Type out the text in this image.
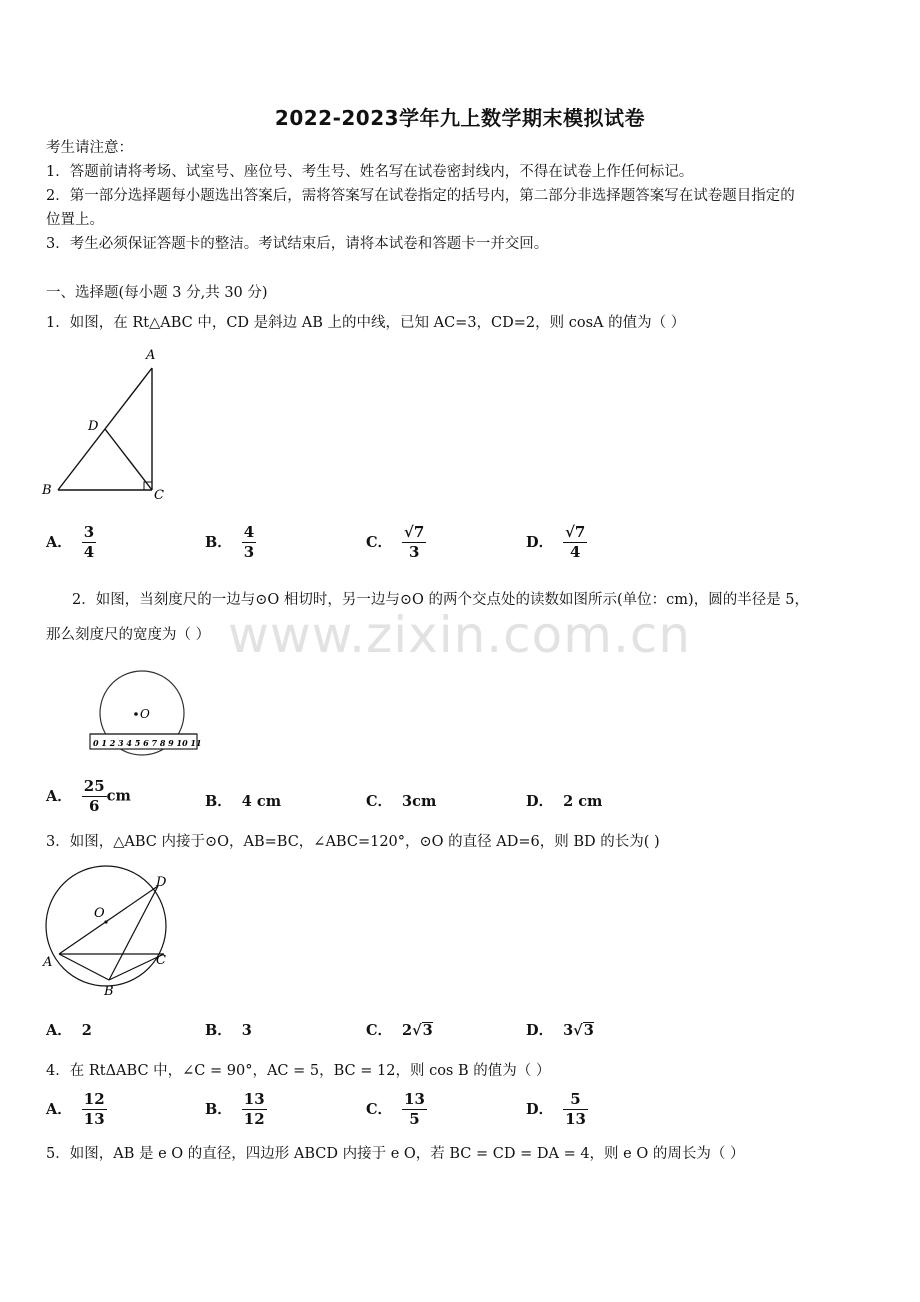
2022-2023学年九上数学期末模拟试卷
考生请注意：
1．答题前请将考场、试室号、座位号、考生号、姓名写在试卷密封线内，不得在试卷上作任何标记。
2．第一部分选择题每小题选出答案后，需将答案写在试卷指定的括号内，第二部分非选择题答案写在试卷题目指定的
位置上。
3．考生必须保证答题卡的整洁。考试结束后，请将本试卷和答题卡一并交回。
一、选择题(每小题 3 分,共 30 分)
1．如图，在 Rt△ABC 中，CD 是斜边 AB 上的中线，已知 AC=3，CD=2，则 cosA 的值为（ ）
A
D
B	C
A． $\frac{3}{4}$	B． $\frac{4}{3}$	C． $\frac{√7}{3}$	D． $\frac{√7}{4}$
2．如图，当刻度尺的一边与⊙O 相切时，另一边与⊙O 的两个交点处的读数如图所示(单位：cm)，圆的半径是 5，
那么刻度尺的宽度为（ ） www.zixin.com.cn
O
0 1 2 3 4 5 6 7 8 9 10 11
A． $\frac{25}{6}$ cm	B． 4 cm	C． 3cm	D． 2 cm
3．如图，△ABC 内接于⊙O，AB=BC，∠ABC=120°，⊙O 的直径 AD=6，则 BD 的长为( )
O
D
A	C
B
A． 2	B． 3	C． 2√3	D． 3√3
4．在 RtΔABC 中，∠C = 90°，AC = 5，BC = 12，则 cos B 的值为（ ）
A． $\frac{12}{13}$	B． $\frac{13}{12}$	C． $\frac{13}{5}$	D． $\frac{5}{13}$
5．如图，AB 是 e O 的直径，四边形 ABCD 内接于 e O，若 BC = CD = DA = 4，则 e O 的周长为（ ）
